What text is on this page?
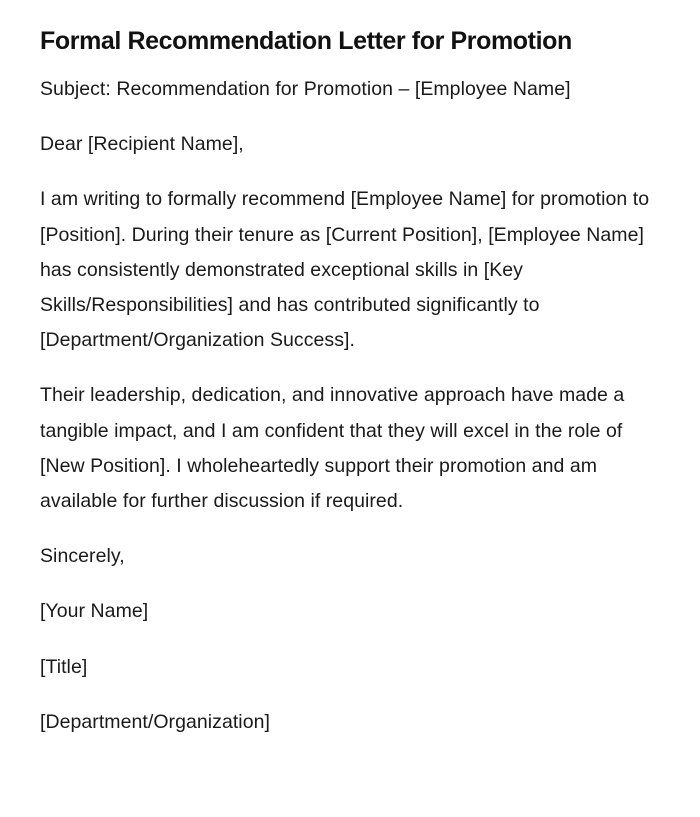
Formal Recommendation Letter for Promotion

Subject: Recommendation for Promotion – [Employee Name]

Dear [Recipient Name],

I am writing to formally recommend [Employee Name] for promotion to [Position]. During their tenure as [Current Position], [Employee Name] has consistently demonstrated exceptional skills in [Key Skills/Responsibilities] and has contributed significantly to [Department/Organization Success].

Their leadership, dedication, and innovative approach have made a tangible impact, and I am confident that they will excel in the role of [New Position]. I wholeheartedly support their promotion and am available for further discussion if required.

Sincerely,

[Your Name]

[Title]

[Department/Organization]
